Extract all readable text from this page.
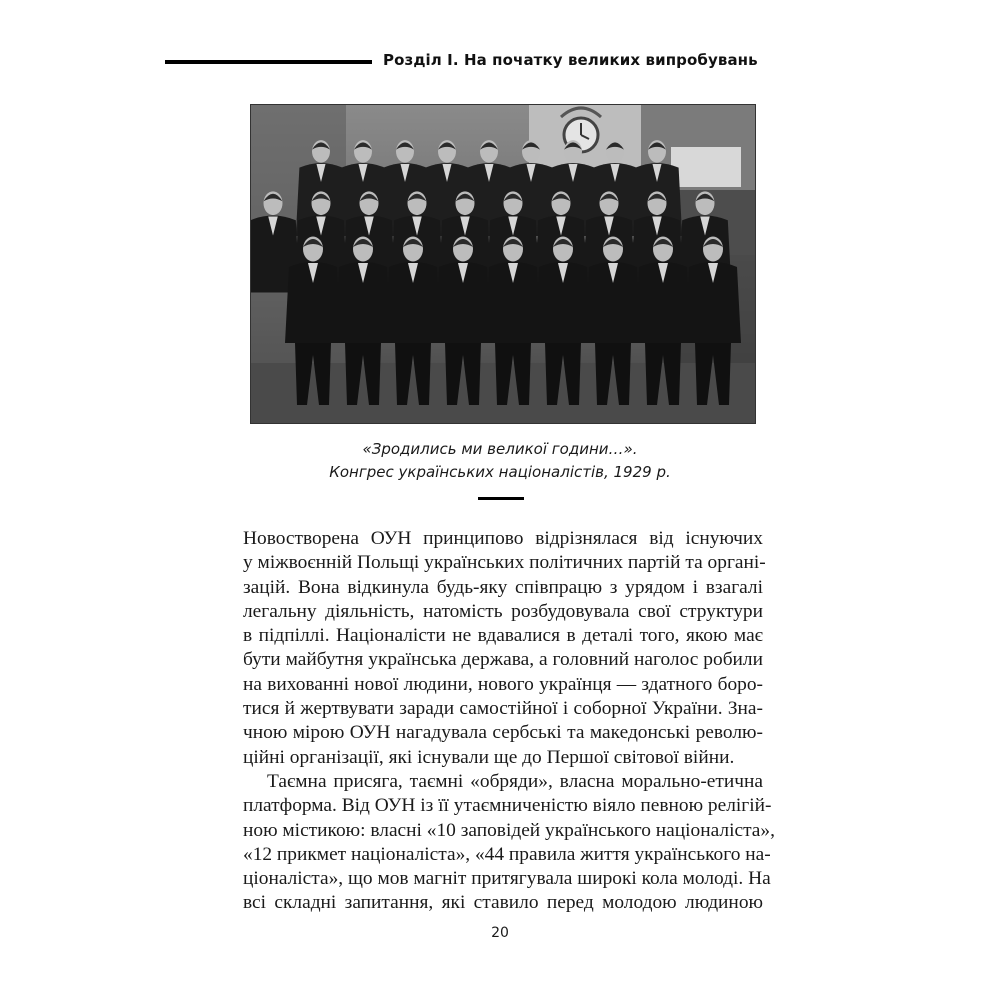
Розділ І. На початку великих випробувань
«Зродились ми великої години…».
Конгрес українських націоналістів, 1929 р.
Новостворена ОУН принципово відрізнялася від існуючих
у міжвоєнній Польщі українських політичних партій та органі-
зацій. Вона відкинула будь-яку співпрацю з урядом і взагалі
легальну діяльність, натомість розбудовувала свої структури
в підпіллі. Націоналісти не вдавалися в деталі того, якою має
бути майбутня українська держава, а головний наголос робили
на вихованні нової людини, нового українця — здатного боро-
тися й жертвувати заради самостійної і соборної України. Зна-
чною мірою ОУН нагадувала сербські та македонські револю-
ційні організації, які існували ще до Першої світової війни.
Таємна присяга, таємні «обряди», власна морально-етична
платформа. Від ОУН із її утаємниченістю віяло певною релігій-
ною містикою: власні «10 заповідей українського націоналіста»,
«12 прикмет націоналіста», «44 правила життя українського на-
ціоналіста», що мов магніт притягувала широкі кола молоді. На
всі складні запитання, які ставило перед молодою людиною
20
